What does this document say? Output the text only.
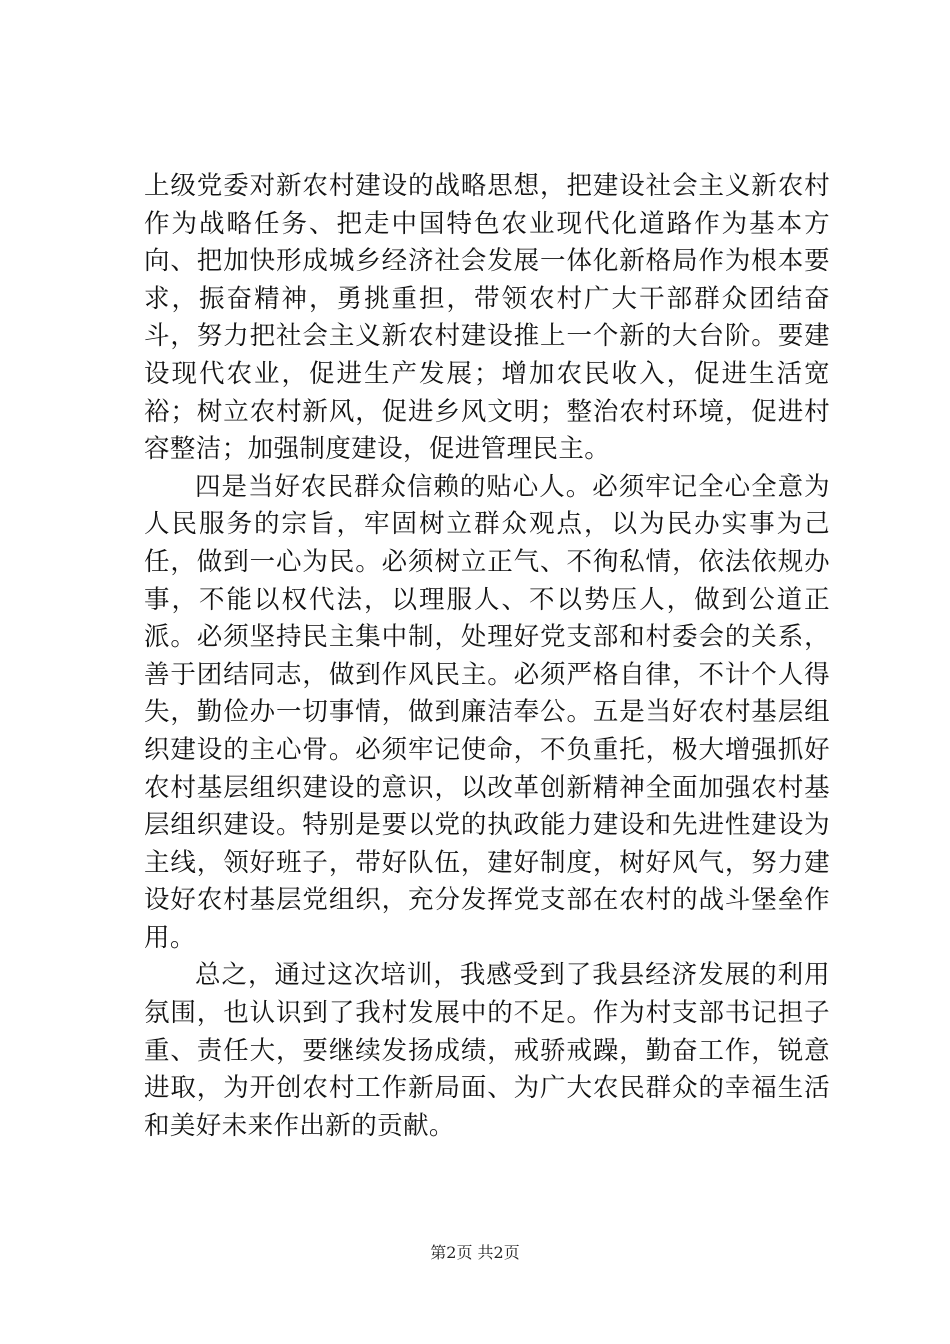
上级党委对新农村建设的战略思想，把建设社会主义新农村作为战略任务、把走中国特色农业现代化道路作为基本方向、把加快形成城乡经济社会发展一体化新格局作为根本要求，振奋精神，勇挑重担，带领农村广大干部群众团结奋斗，努力把社会主义新农村建设推上一个新的大台阶。要建设现代农业，促进生产发展；增加农民收入，促进生活宽裕；树立农村新风，促进乡风文明；整治农村环境，促进村容整洁；加强制度建设，促进管理民主。

四是当好农民群众信赖的贴心人。必须牢记全心全意为人民服务的宗旨，牢固树立群众观点，以为民办实事为己任，做到一心为民。必须树立正气、不徇私情，依法依规办事，不能以权代法，以理服人、不以势压人，做到公道正派。必须坚持民主集中制，处理好党支部和村委会的关系，善于团结同志，做到作风民主。必须严格自律，不计个人得失，勤俭办一切事情，做到廉洁奉公。五是当好农村基层组织建设的主心骨。必须牢记使命，不负重托，极大增强抓好农村基层组织建设的意识，以改革创新精神全面加强农村基层组织建设。特别是要以党的执政能力建设和先进性建设为主线，领好班子，带好队伍，建好制度，树好风气，努力建设好农村基层党组织，充分发挥党支部在农村的战斗堡垒作用。

总之，通过这次培训，我感受到了我县经济发展的利用氛围，也认识到了我村发展中的不足。作为村支部书记担子重、责任大，要继续发扬成绩，戒骄戒躁，勤奋工作，锐意进取，为开创农村工作新局面、为广大农民群众的幸福生活和美好未来作出新的贡献。

第2页 共2页
